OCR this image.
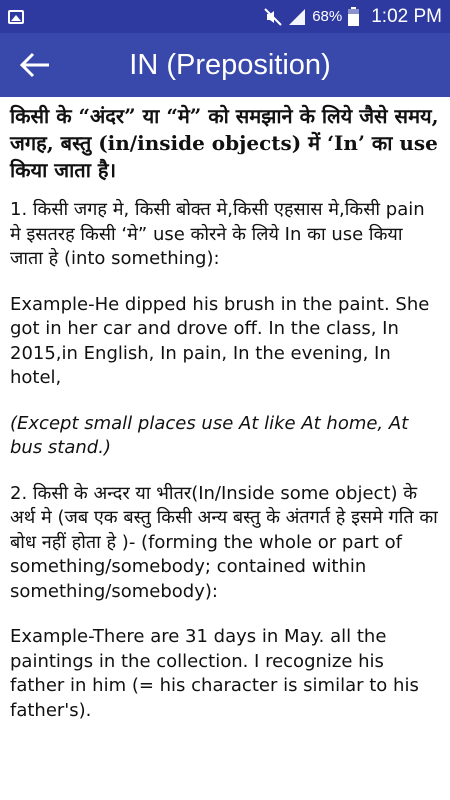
68% 1:02 PM
IN (Preposition)

किसी के “अंदर” या “मे” को समझाने के लिये जैसे समय, जगह, बस्तु (in/inside objects) में ‘In’ का use किया जाता है।

1. किसी जगह मे, किसी बोक्त मे,किसी एहसास मे,किसी pain मे इसतरह किसी ‘मे” use कोरने के लिये In का use किया जाता हे (into something):

Example-He dipped his brush in the paint. She got in her car and drove off. In the class, In 2015,in English, In pain, In the evening, In hotel,

(Except small places use At like At home, At bus stand.)

2. किसी के अन्दर या भीतर(In/Inside some object) के अर्थ मे (जब एक बस्तु किसी अन्य बस्तु के अंतगर्त हे इसमे गति का बोध नहीं होता हे )- (forming the whole or part of something/somebody; contained within something/somebody):

Example-There are 31 days in May. all the paintings in the collection. I recognize his father in him (= his character is similar to his father's).
